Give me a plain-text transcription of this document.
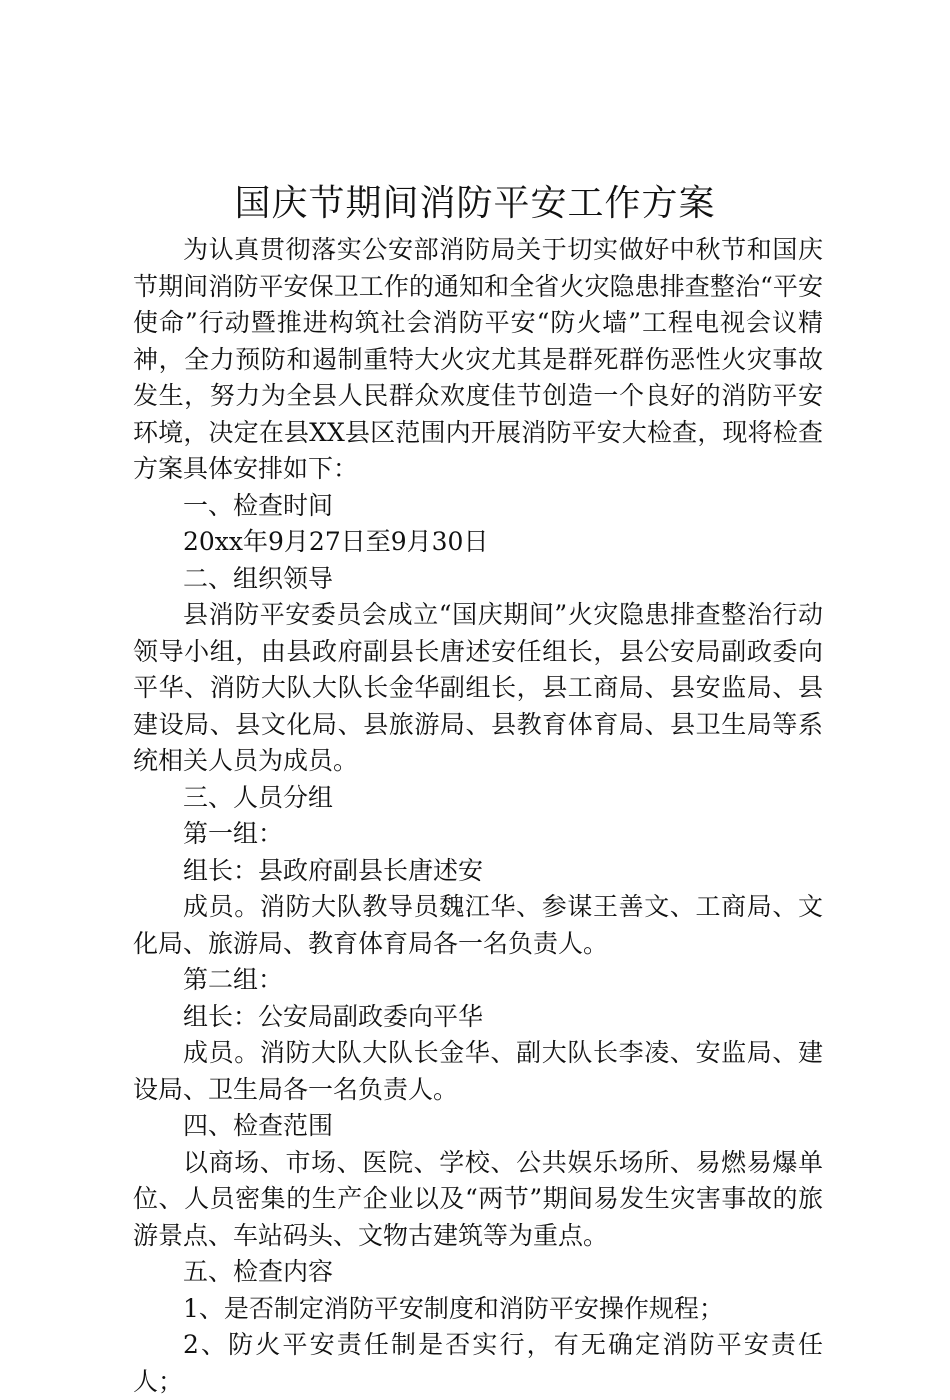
国庆节期间消防平安工作方案

为认真贯彻落实公安部消防局关于切实做好中秋节和国庆节期间消防平安保卫工作的通知和全省火灾隐患排查整治“平安使命”行动暨推进构筑社会消防平安“防火墙”工程电视会议精神，全力预防和遏制重特大火灾尤其是群死群伤恶性火灾事故发生，努力为全县人民群众欢度佳节创造一个良好的消防平安环境，决定在县XX县区范围内开展消防平安大检查，现将检查方案具体安排如下：

一、检查时间

20xx年9月27日至9月30日

二、组织领导

县消防平安委员会成立“国庆期间”火灾隐患排查整治行动领导小组，由县政府副县长唐述安任组长，县公安局副政委向平华、消防大队大队长金华副组长，县工商局、县安监局、县建设局、县文化局、县旅游局、县教育体育局、县卫生局等系统相关人员为成员。

三、人员分组

第一组：

组长：县政府副县长唐述安

成员。消防大队教导员魏江华、参谋王善文、工商局、文化局、旅游局、教育体育局各一名负责人。

第二组：

组长：公安局副政委向平华

成员。消防大队大队长金华、副大队长李凌、安监局、建设局、卫生局各一名负责人。

四、检查范围

以商场、市场、医院、学校、公共娱乐场所、易燃易爆单位、人员密集的生产企业以及“两节”期间易发生灾害事故的旅游景点、车站码头、文物古建筑等为重点。

五、检查内容

1、是否制定消防平安制度和消防平安操作规程；

2、防火平安责任制是否实行，有无确定消防平安责任人；
